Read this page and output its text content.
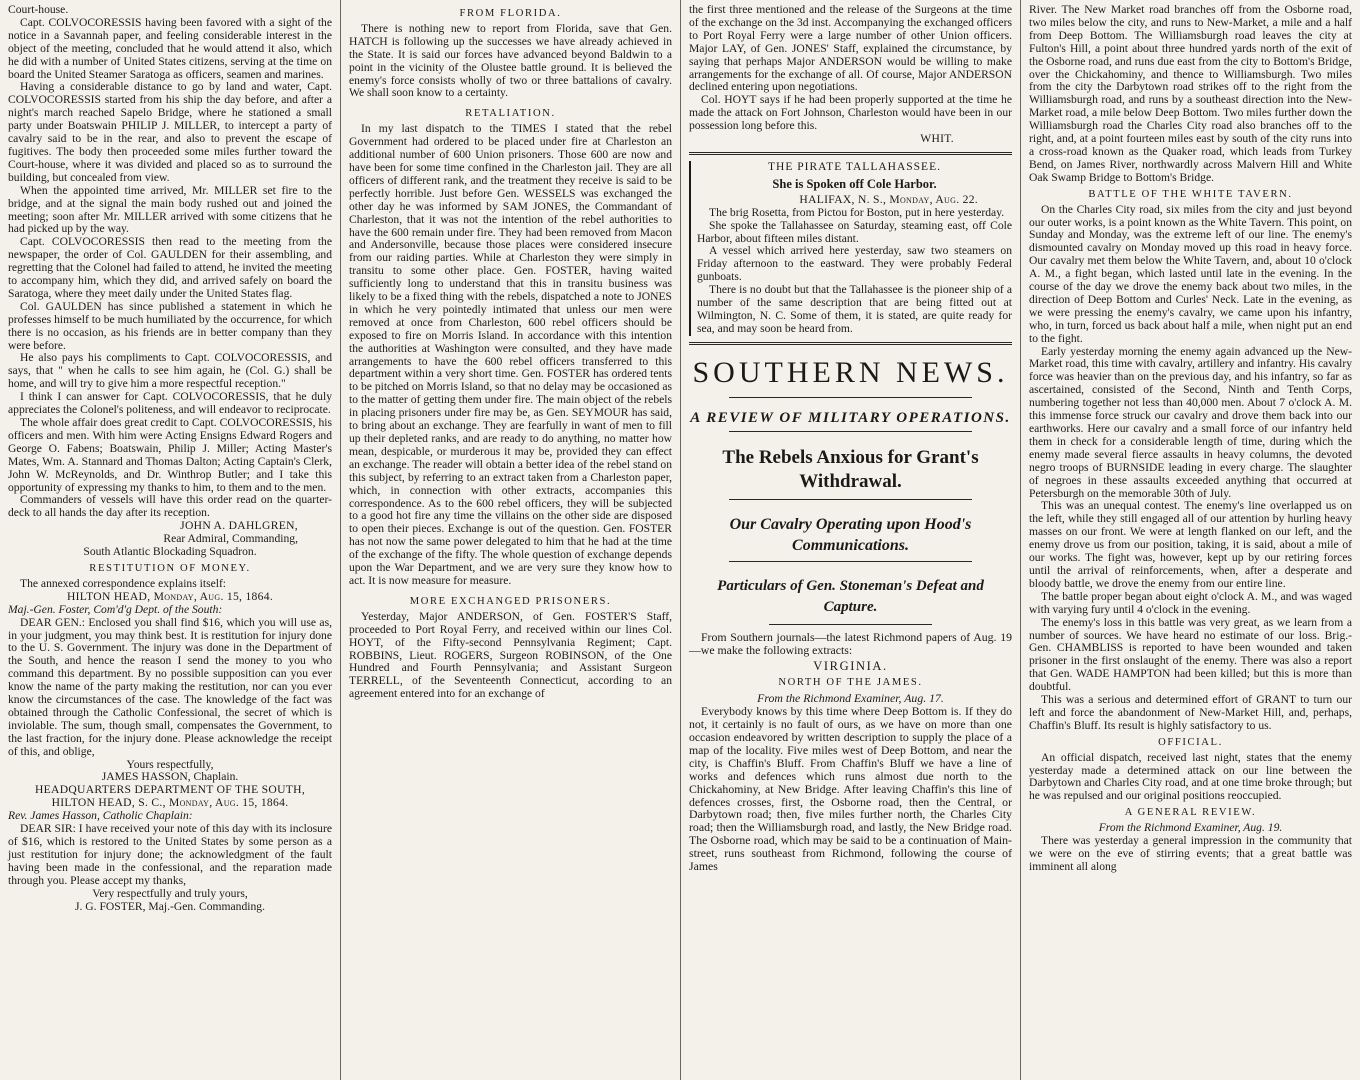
Court-house.

Capt. COLVOCORESSIS having been favored with a sight of the notice in a Savannah paper, and feeling considerable interest in the object of the meeting, concluded that he would attend it also, which he did with a number of United States citizens, serving at the time on board the United Steamer Saratoga as officers, seamen and marines.

Having a considerable distance to go by land and water, Capt. COLVOCORESSIS started from his ship the day before, and after a night's march reached Sapelo Bridge, where he stationed a small party under Boatswain PHILIP J. MILLER, to intercept a party of cavalry said to be in the rear, and also to prevent the escape of fugitives. The body then proceeded some miles further toward the Court-house, where it was divided and placed so as to surround the building, but concealed from view.

When the appointed time arrived, Mr. MILLER set fire to the bridge, and at the signal the main body rushed out and joined the meeting; soon after Mr. MILLER arrived with some citizens that he had picked up by the way.

Capt. COLVOCORESSIS then read to the meeting from the newspaper, the order of Col. GAULDEN for their assembling, and regretting that the Colonel had failed to attend, he invited the meeting to accompany him, which they did, and arrived safely on board the Saratoga, where they meet daily under the United States flag.

Col. GAULDEN has since published a statement in which he professes himself to be much humiliated by the occurrence, for which there is no occasion, as his friends are in better company than they were before.

He also pays his compliments to Capt. COLVOCORESSIS, and says, that " when he calls to see him again, he (Col. G.) shall be home, and will try to give him a more respectful reception."

I think I can answer for Capt. COLVOCORESSIS, that he duly appreciates the Colonel's politeness, and will endeavor to reciprocate.

The whole affair does great credit to Capt. COLVOCORESSIS, his officers and men. With him were Acting Ensigns Edward Rogers and George O. Fabens; Boatswain, Philip J. Miller; Acting Master's Mates, Wm. A. Stannard and Thomas Dalton; Acting Captain's Clerk, John W. McReynolds, and Dr. Winthrop Butler; and I take this opportunity of expressing my thanks to him, to them and to the men.

Commanders of vessels will have this order read on the quarter-deck to all hands the day after its reception.

JOHN A. DAHLGREN,

Rear Admiral, Commanding,

South Atlantic Blockading Squadron.

RESTITUTION OF MONEY.

The annexed correspondence explains itself:

HILTON HEAD, Monday, Aug. 15, 1864.

Maj.-Gen. Foster, Com'd'g Dept. of the South:

DEAR GEN.: Enclosed you shall find $16, which you will use as, in your judgment, you may think best. It is restitution for injury done to the U. S. Government. The injury was done in the Department of the South, and hence the reason I send the money to you who command this department. By no possible supposition can you ever know the name of the party making the restitution, nor can you ever know the circumstances of the case. The knowledge of the fact was obtained through the Catholic Confessional, the secret of which is inviolable. The sum, though small, compensates the Government, to the last fraction, for the injury done. Please acknowledge the receipt of this, and oblige,

Yours respectfully,

JAMES HASSON, Chaplain.

HEADQUARTERS DEPARTMENT OF THE SOUTH,

HILTON HEAD, S. C., Monday, Aug. 15, 1864.

Rev. James Hasson, Catholic Chaplain:

DEAR SIR: I have received your note of this day with its inclosure of $16, which is restored to the United States by some person as a just restitution for injury done; the acknowledgment of the fault having been made in the confessional, and the reparation made through you. Please accept my thanks,

Very respectfully and truly yours,

J. G. FOSTER, Maj.-Gen. Commanding.

FROM FLORIDA.

There is nothing new to report from Florida, save that Gen. HATCH is following up the successes we have already achieved in the State. It is said our forces have advanced beyond Baldwin to a point in the vicinity of the Olustee battle ground. It is believed the enemy's force consists wholly of two or three battalions of cavalry. We shall soon know to a certainty.

RETALIATION.

In my last dispatch to the TIMES I stated that the rebel Government had ordered to be placed under fire at Charleston an additional number of 600 Union prisoners. Those 600 are now and have been for some time confined in the Charleston jail. They are all officers of different rank, and the treatment they receive is said to be perfectly horrible. Just before Gen. WESSELS was exchanged the other day he was informed by SAM JONES, the Commandant of Charleston, that it was not the intention of the rebel authorities to have the 600 remain under fire. They had been removed from Macon and Andersonville, because those places were considered insecure from our raiding parties. While at Charleston they were simply in transitu to some other place. Gen. FOSTER, having waited sufficiently long to understand that this in transitu business was likely to be a fixed thing with the rebels, dispatched a note to JONES in which he very pointedly intimated that unless our men were removed at once from Charleston, 600 rebel officers should be exposed to fire on Morris Island. In accordance with this intention the authorities at Washington were consulted, and they have made arrangements to have the 600 rebel officers transferred to this department within a very short time. Gen. FOSTER has ordered tents to be pitched on Morris Island, so that no delay may be occasioned as to the matter of getting them under fire. The main object of the rebels in placing prisoners under fire may be, as Gen. SEYMOUR has said, to bring about an exchange. They are fearfully in want of men to fill up their depleted ranks, and are ready to do anything, no matter how mean, despicable, or murderous it may be, provided they can effect an exchange. The reader will obtain a better idea of the rebel stand on this subject, by referring to an extract taken from a Charleston paper, which, in connection with other extracts, accompanies this correspondence. As to the 600 rebel officers, they will be subjected to a good hot fire any time the villains on the other side are disposed to open their pieces. Exchange is out of the question. Gen. FOSTER has not now the same power delegated to him that he had at the time of the exchange of the fifty. The whole question of exchange depends upon the War Department, and we are very sure they know how to act. It is now measure for measure.

MORE EXCHANGED PRISONERS.

Yesterday, Major ANDERSON, of Gen. FOSTER'S Staff, proceeded to Port Royal Ferry, and received within our lines Col. HOYT, of the Fifty-second Pennsylvania Regiment; Capt. ROBBINS, Lieut. ROGERS, Surgeon ROBINSON, of the One Hundred and Fourth Pennsylvania; and Assistant Surgeon TERRELL, of the Seventeenth Connecticut, according to an agreement entered into for an exchange of

the first three mentioned and the release of the Surgeons at the time of the exchange on the 3d inst. Accompanying the exchanged officers to Port Royal Ferry were a large number of other Union officers. Major LAY, of Gen. JONES' Staff, explained the circumstance, by saying that perhaps Major ANDERSON would be willing to make arrangements for the exchange of all. Of course, Major ANDERSON declined entering upon negotiations.

Col. HOYT says if he had been properly supported at the time he made the attack on Fort Johnson, Charleston would have been in our possession long before this.

WHIT.

THE PIRATE TALLAHASSEE.
She is Spoken off Cole Harbor.

HALIFAX, N. S., Monday, Aug. 22.

The brig Rosetta, from Pictou for Boston, put in here yesterday.

She spoke the Tallahassee on Saturday, steaming east, off Cole Harbor, about fifteen miles distant.

A vessel which arrived here yesterday, saw two steamers on Friday afternoon to the eastward. They were probably Federal gunboats.

There is no doubt but that the Tallahassee is the pioneer ship of a number of the same description that are being fitted out at Wilmington, N. C. Some of them, it is stated, are quite ready for sea, and may soon be heard from.

SOUTHERN NEWS.
A REVIEW OF MILITARY OPERATIONS.
The Rebels Anxious for Grant's Withdrawal.
Our Cavalry Operating upon Hood's Communications.
Particulars of Gen. Stoneman's Defeat and Capture.

From Southern journals—the latest Richmond papers of Aug. 19—we make the following extracts:

VIRGINIA.
NORTH OF THE JAMES.

From the Richmond Examiner, Aug. 17.

Everybody knows by this time where Deep Bottom is. If they do not, it certainly is no fault of ours, as we have on more than one occasion endeavored by written description to supply the place of a map of the locality. Five miles west of Deep Bottom, and near the city, is Chaffin's Bluff. From Chaffin's Bluff we have a line of works and defences which runs almost due north to the Chickahominy, at New Bridge. After leaving Chaffin's this line of defences crosses, first, the Osborne road, then the Central, or Darbytown road; then, five miles further north, the Charles City road; then the Williamsburgh road, and lastly, the New Bridge road. The Osborne road, which may be said to be a continuation of Main-street, runs southeast from Richmond, following the course of James

River. The New Market road branches off from the Osborne road, two miles below the city, and runs to New-Market, a mile and a half from Deep Bottom. The Williamsburgh road leaves the city at Fulton's Hill, a point about three hundred yards north of the exit of the Osborne road, and runs due east from the city to Bottom's Bridge, over the Chickahominy, and thence to Williamsburgh. Two miles from the city the Darbytown road strikes off to the right from the Williamsburgh road, and runs by a southeast direction into the New-Market road, a mile below Deep Bottom. Two miles further down the Williamsburgh road the Charles City road also branches off to the right, and, at a point fourteen miles east by south of the city runs into a cross-road known as the Quaker road, which leads from Turkey Bend, on James River, northwardly across Malvern Hill and White Oak Swamp Bridge to Bottom's Bridge.

BATTLE OF THE WHITE TAVERN.

On the Charles City road, six miles from the city and just beyond our outer works, is a point known as the White Tavern. This point, on Sunday and Monday, was the extreme left of our line. The enemy's dismounted cavalry on Monday moved up this road in heavy force. Our cavalry met them below the White Tavern, and, about 10 o'clock A. M., a fight began, which lasted until late in the evening. In the course of the day we drove the enemy back about two miles, in the direction of Deep Bottom and Curles' Neck. Late in the evening, as we were pressing the enemy's cavalry, we came upon his infantry, who, in turn, forced us back about half a mile, when night put an end to the fight.

Early yesterday morning the enemy again advanced up the New-Market road, this time with cavalry, artillery and infantry. His cavalry force was heavier than on the previous day, and his infantry, so far as ascertained, consisted of the Second, Ninth and Tenth Corps, numbering together not less than 40,000 men. About 7 o'clock A. M. this immense force struck our cavalry and drove them back into our earthworks. Here our cavalry and a small force of our infantry held them in check for a considerable length of time, during which the enemy made several fierce assaults in heavy columns, the devoted negro troops of BURNSIDE leading in every charge. The slaughter of negroes in these assaults exceeded anything that occurred at Petersburgh on the memorable 30th of July.

This was an unequal contest. The enemy's line overlapped us on the left, while they still engaged all of our attention by hurling heavy masses on our front. We were at length flanked on our left, and the enemy drove us from our position, taking, it is said, about a mile of our works. The fight was, however, kept up by our retiring forces until the arrival of reinforcements, when, after a desperate and bloody battle, we drove the enemy from our entire line.

The battle proper began about eight o'clock A. M., and was waged with varying fury until 4 o'clock in the evening.

The enemy's loss in this battle was very great, as we learn from a number of sources. We have heard no estimate of our loss. Brig.-Gen. CHAMBLISS is reported to have been wounded and taken prisoner in the first onslaught of the enemy. There was also a report that Gen. WADE HAMPTON had been killed; but this is more than doubtful.

This was a serious and determined effort of GRANT to turn our left and force the abandonment of New-Market Hill, and, perhaps, Chaffin's Bluff. Its result is highly satisfactory to us.

OFFICIAL.

An official dispatch, received last night, states that the enemy yesterday made a determined attack on our line between the Darbytown and Charles City road, and at one time broke through; but he was repulsed and our original positions reoccupied.

A GENERAL REVIEW.

From the Richmond Examiner, Aug. 19.

There was yesterday a general impression in the community that we were on the eve of stirring events; that a great battle was imminent all along
